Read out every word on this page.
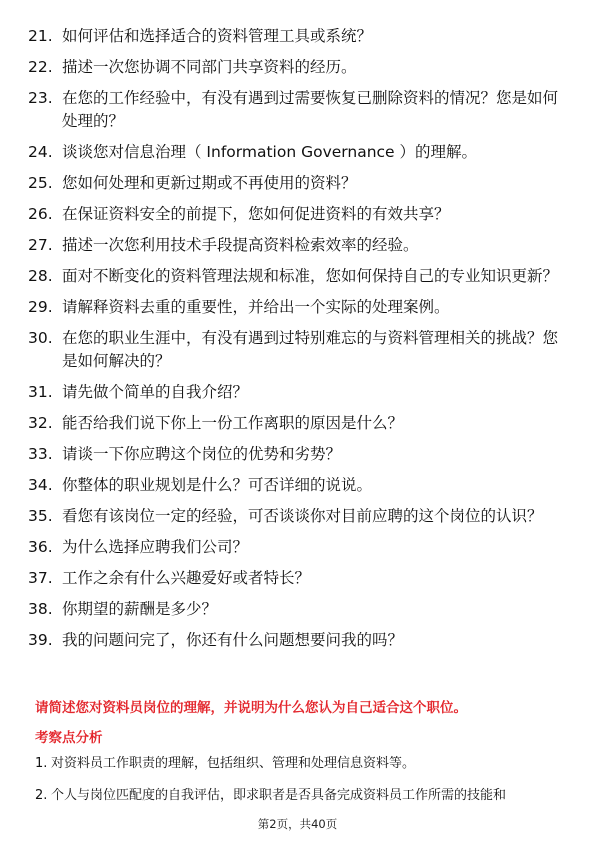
21. 如何评估和选择适合的资料管理工具或系统？
22. 描述一次您协调不同部门共享资料的经历。
23. 在您的工作经验中，有没有遇到过需要恢复已删除资料的情况？您是如何处理的？
24. 谈谈您对信息治理（ Information Governance ）的理解。
25. 您如何处理和更新过期或不再使用的资料？
26. 在保证资料安全的前提下，您如何促进资料的有效共享？
27. 描述一次您利用技术手段提高资料检索效率的经验。
28. 面对不断变化的资料管理法规和标准，您如何保持自己的专业知识更新？
29. 请解释资料去重的重要性，并给出一个实际的处理案例。
30. 在您的职业生涯中，有没有遇到过特别难忘的与资料管理相关的挑战？您是如何解决的？
31. 请先做个简单的自我介绍？
32. 能否给我们说下你上一份工作离职的原因是什么？
33. 请谈一下你应聘这个岗位的优势和劣势？
34. 你整体的职业规划是什么？可否详细的说说。
35. 看您有该岗位一定的经验，可否谈谈你对目前应聘的这个岗位的认识？
36. 为什么选择应聘我们公司？
37. 工作之余有什么兴趣爱好或者特长？
38. 你期望的薪酬是多少？
39. 我的问题问完了，你还有什么问题想要问我的吗？
请简述您对资料员岗位的理解，并说明为什么您认为自己适合这个职位。
考察点分析
1. 对资料员工作职责的理解，包括组织、管理和处理信息资料等。
2. 个人与岗位匹配度的自我评估，即求职者是否具备完成资料员工作所需的技能和
第2页，共40页
